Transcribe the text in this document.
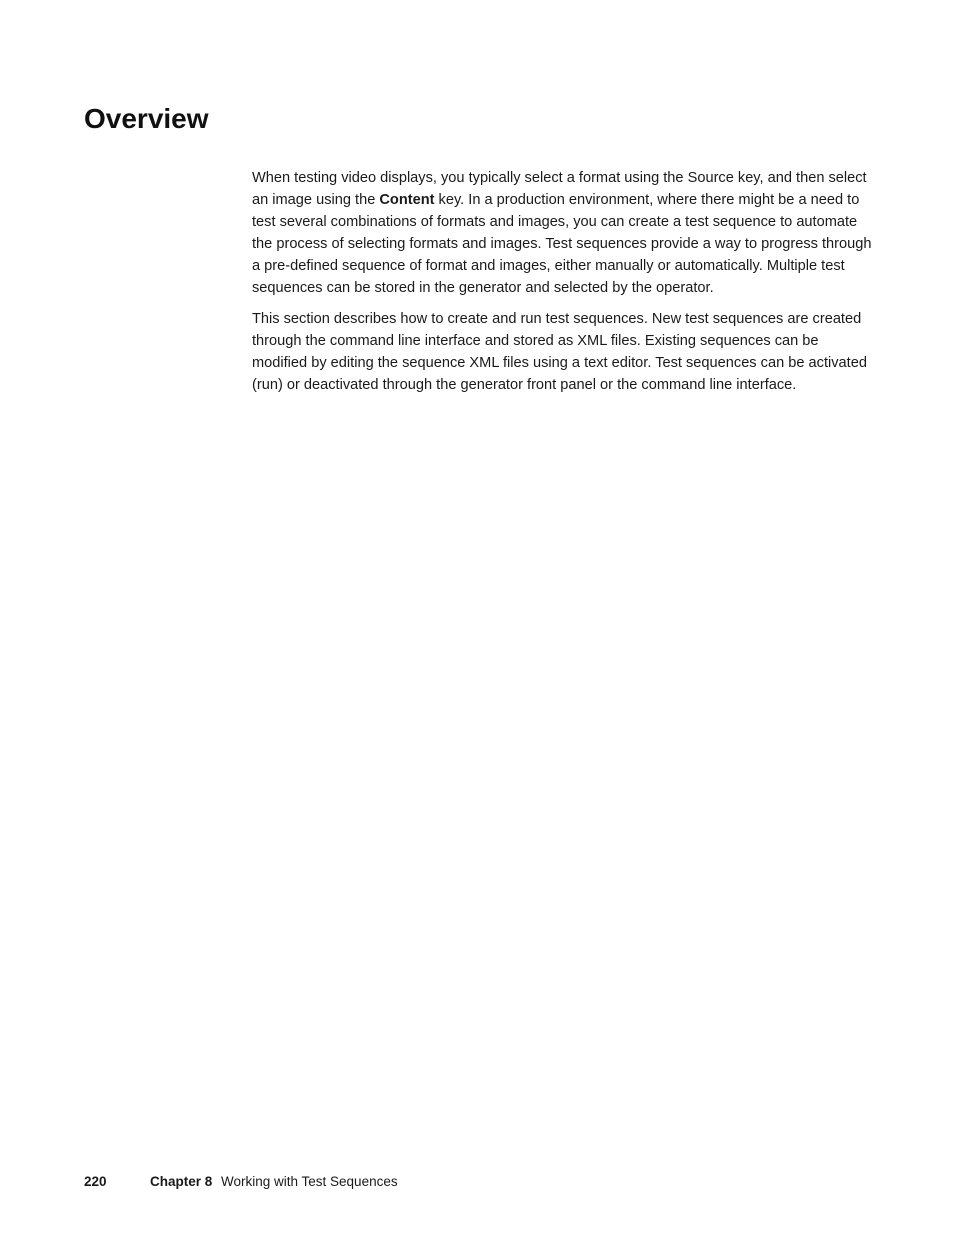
Overview

When testing video displays, you typically select a format using the Source key, and then select an image using the Content key. In a production environment, where there might be a need to test several combinations of formats and images, you can create a test sequence to automate the process of selecting formats and images. Test sequences provide a way to progress through a pre-defined sequence of format and images, either manually or automatically. Multiple test sequences can be stored in the generator and selected by the operator.

This section describes how to create and run test sequences. New test sequences are created through the command line interface and stored as XML files. Existing sequences can be modified by editing the sequence XML files using a text editor. Test sequences can be activated (run) or deactivated through the generator front panel or the command line interface.

220	Chapter 8 Working with Test Sequences
